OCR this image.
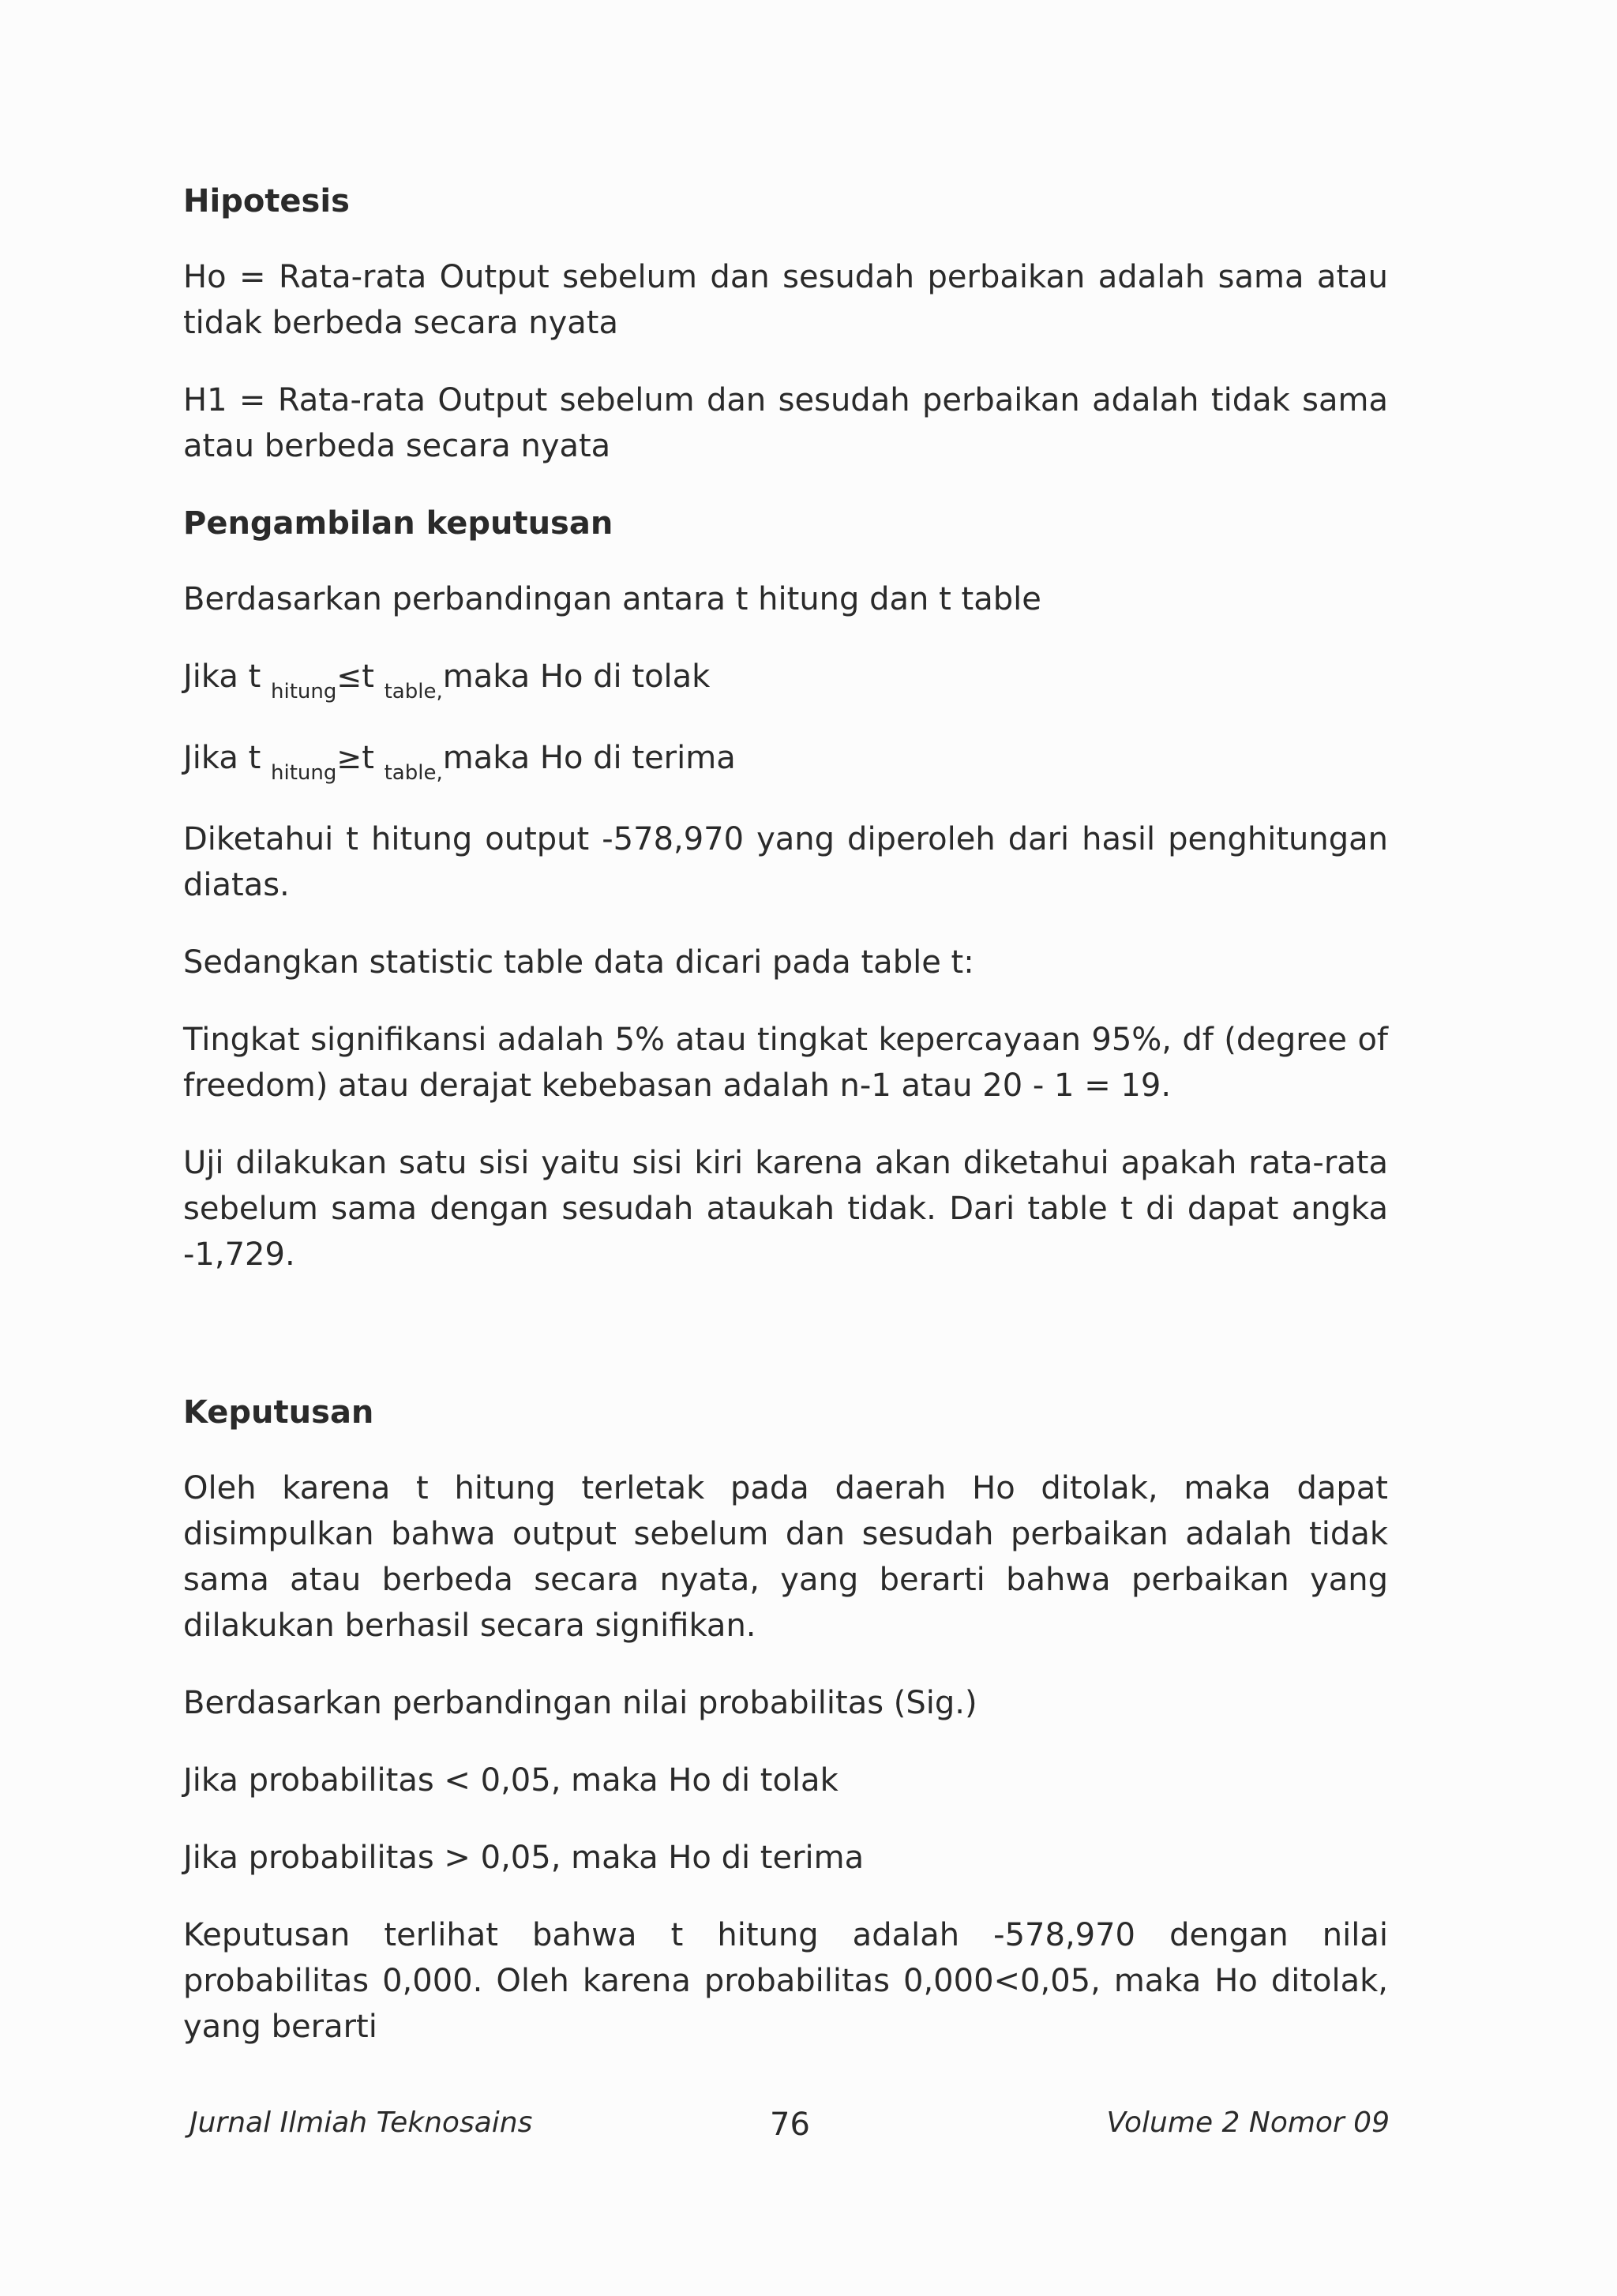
Hipotesis
Ho = Rata-rata Output sebelum dan sesudah perbaikan adalah sama atau tidak berbeda secara nyata
H1 = Rata-rata Output sebelum dan sesudah perbaikan adalah tidak sama atau berbeda secara nyata
Pengambilan keputusan
Berdasarkan perbandingan antara t hitung dan t table
Jika t $_{hitung}$≤t $_{table,}$maka Ho di tolak
Jika t $_{hitung}$≥t $_{table,}$maka Ho di terima
Diketahui t hitung output -578,970 yang diperoleh dari hasil penghitungan diatas.
Sedangkan statistic table data dicari pada table t:
Tingkat signifikansi adalah 5% atau tingkat kepercayaan 95%, df (degree of freedom) atau derajat kebebasan adalah n-1 atau 20 - 1 = 19.
Uji dilakukan satu sisi yaitu sisi kiri karena akan diketahui apakah rata-rata sebelum sama dengan sesudah ataukah tidak. Dari table t di dapat angka -1,729.
Keputusan
Oleh karena t hitung terletak pada daerah Ho ditolak, maka dapat disimpulkan bahwa output sebelum dan sesudah perbaikan adalah tidak sama atau berbeda secara nyata, yang berarti bahwa perbaikan yang dilakukan berhasil secara signifikan.
Berdasarkan perbandingan nilai probabilitas (Sig.)
Jika probabilitas < 0,05, maka Ho di tolak
Jika probabilitas > 0,05, maka Ho di terima
Keputusan terlihat bahwa t hitung adalah -578,970 dengan nilai probabilitas 0,000. Oleh karena probabilitas 0,000<0,05, maka Ho ditolak, yang berarti
Jurnal Ilmiah Teknosains	76	Volume 2 Nomor 09
